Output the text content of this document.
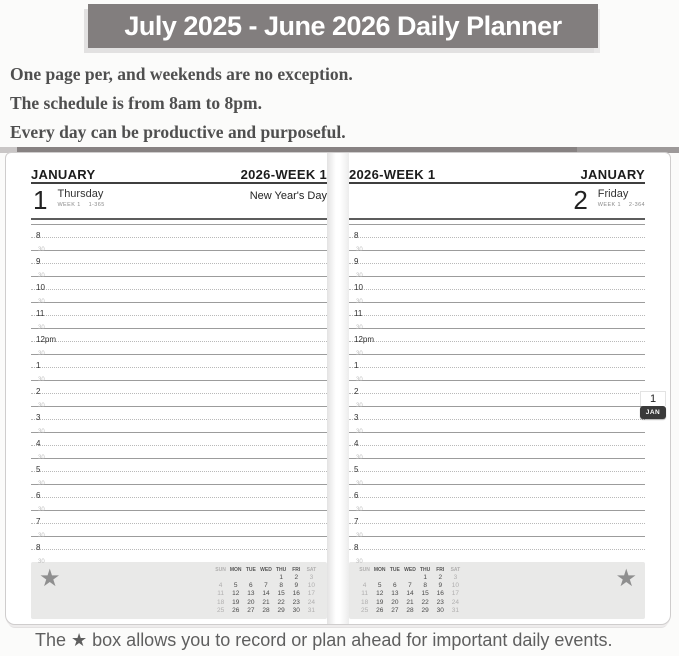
July 2025 - June 2026 Daily Planner
One page per, and weekends are no exception.
The schedule is from 8am to 8pm.
Every day can be productive and purposeful.
JANUARY	2026-WEEK 1
1 Thursday
WEEK 1 1-365
New Year's Day
8
30
9
30
10
30
11
30
12pm
30
1
30
2
30
3
30
4
30
5
30
6
30
7
30
8
30
★	SUN	MON	TUE	WED	THU	FRI	SAT
				1	2	3
4	5	6	7	8	9	10
11	12	13	14	15	16	17
18	19	20	21	22	23	24
25	26	27	28	29	30	31
2026-WEEK 1	JANUARY
2 Friday
WEEK 1 2-364
8
30
9
30
10
30
11
30
12pm
30
1
30
2
30
3
30
4
30
5
30
6
30
7
30
8
30
SUN	MON	TUE	WED	THU	FRI	SAT
				1	2	3
4	5	6	7	8	9	10
11	12	13	14	15	16	17
18	19	20	21	22	23	24
25	26	27	28	29	30	31
★
1
JAN
The ★ box allows you to record or plan ahead for important daily events.
